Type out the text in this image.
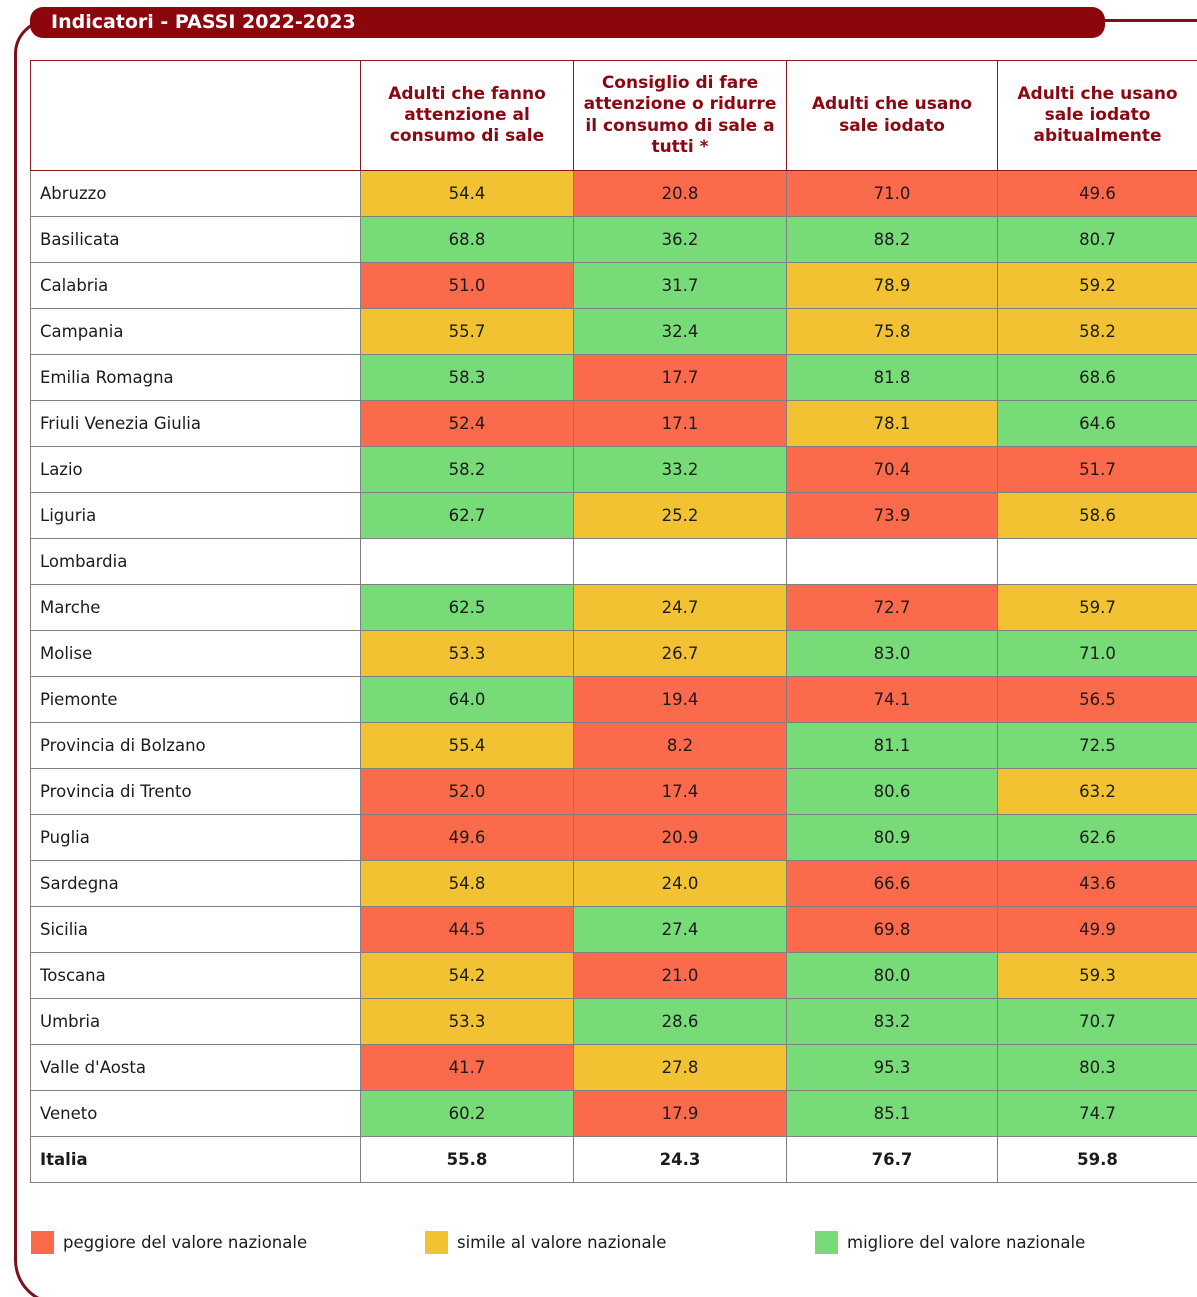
Indicatori - PASSI 2022-2023
	Adulti che fanno attenzione al consumo di sale	Consiglio di fare attenzione o ridurre il consumo di sale a tutti *	Adulti che usano sale iodato	Adulti che usano sale iodato abitualmente
Abruzzo	54.4	20.8	71.0	49.6
Basilicata	68.8	36.2	88.2	80.7
Calabria	51.0	31.7	78.9	59.2
Campania	55.7	32.4	75.8	58.2
Emilia Romagna	58.3	17.7	81.8	68.6
Friuli Venezia Giulia	52.4	17.1	78.1	64.6
Lazio	58.2	33.2	70.4	51.7
Liguria	62.7	25.2	73.9	58.6
Lombardia				
Marche	62.5	24.7	72.7	59.7
Molise	53.3	26.7	83.0	71.0
Piemonte	64.0	19.4	74.1	56.5
Provincia di Bolzano	55.4	8.2	81.1	72.5
Provincia di Trento	52.0	17.4	80.6	63.2
Puglia	49.6	20.9	80.9	62.6
Sardegna	54.8	24.0	66.6	43.6
Sicilia	44.5	27.4	69.8	49.9
Toscana	54.2	21.0	80.0	59.3
Umbria	53.3	28.6	83.2	70.7
Valle d'Aosta	41.7	27.8	95.3	80.3
Veneto	60.2	17.9	85.1	74.7
Italia	55.8	24.3	76.7	59.8
peggiore del valore nazionale	simile al valore nazionale	migliore del valore nazionale
